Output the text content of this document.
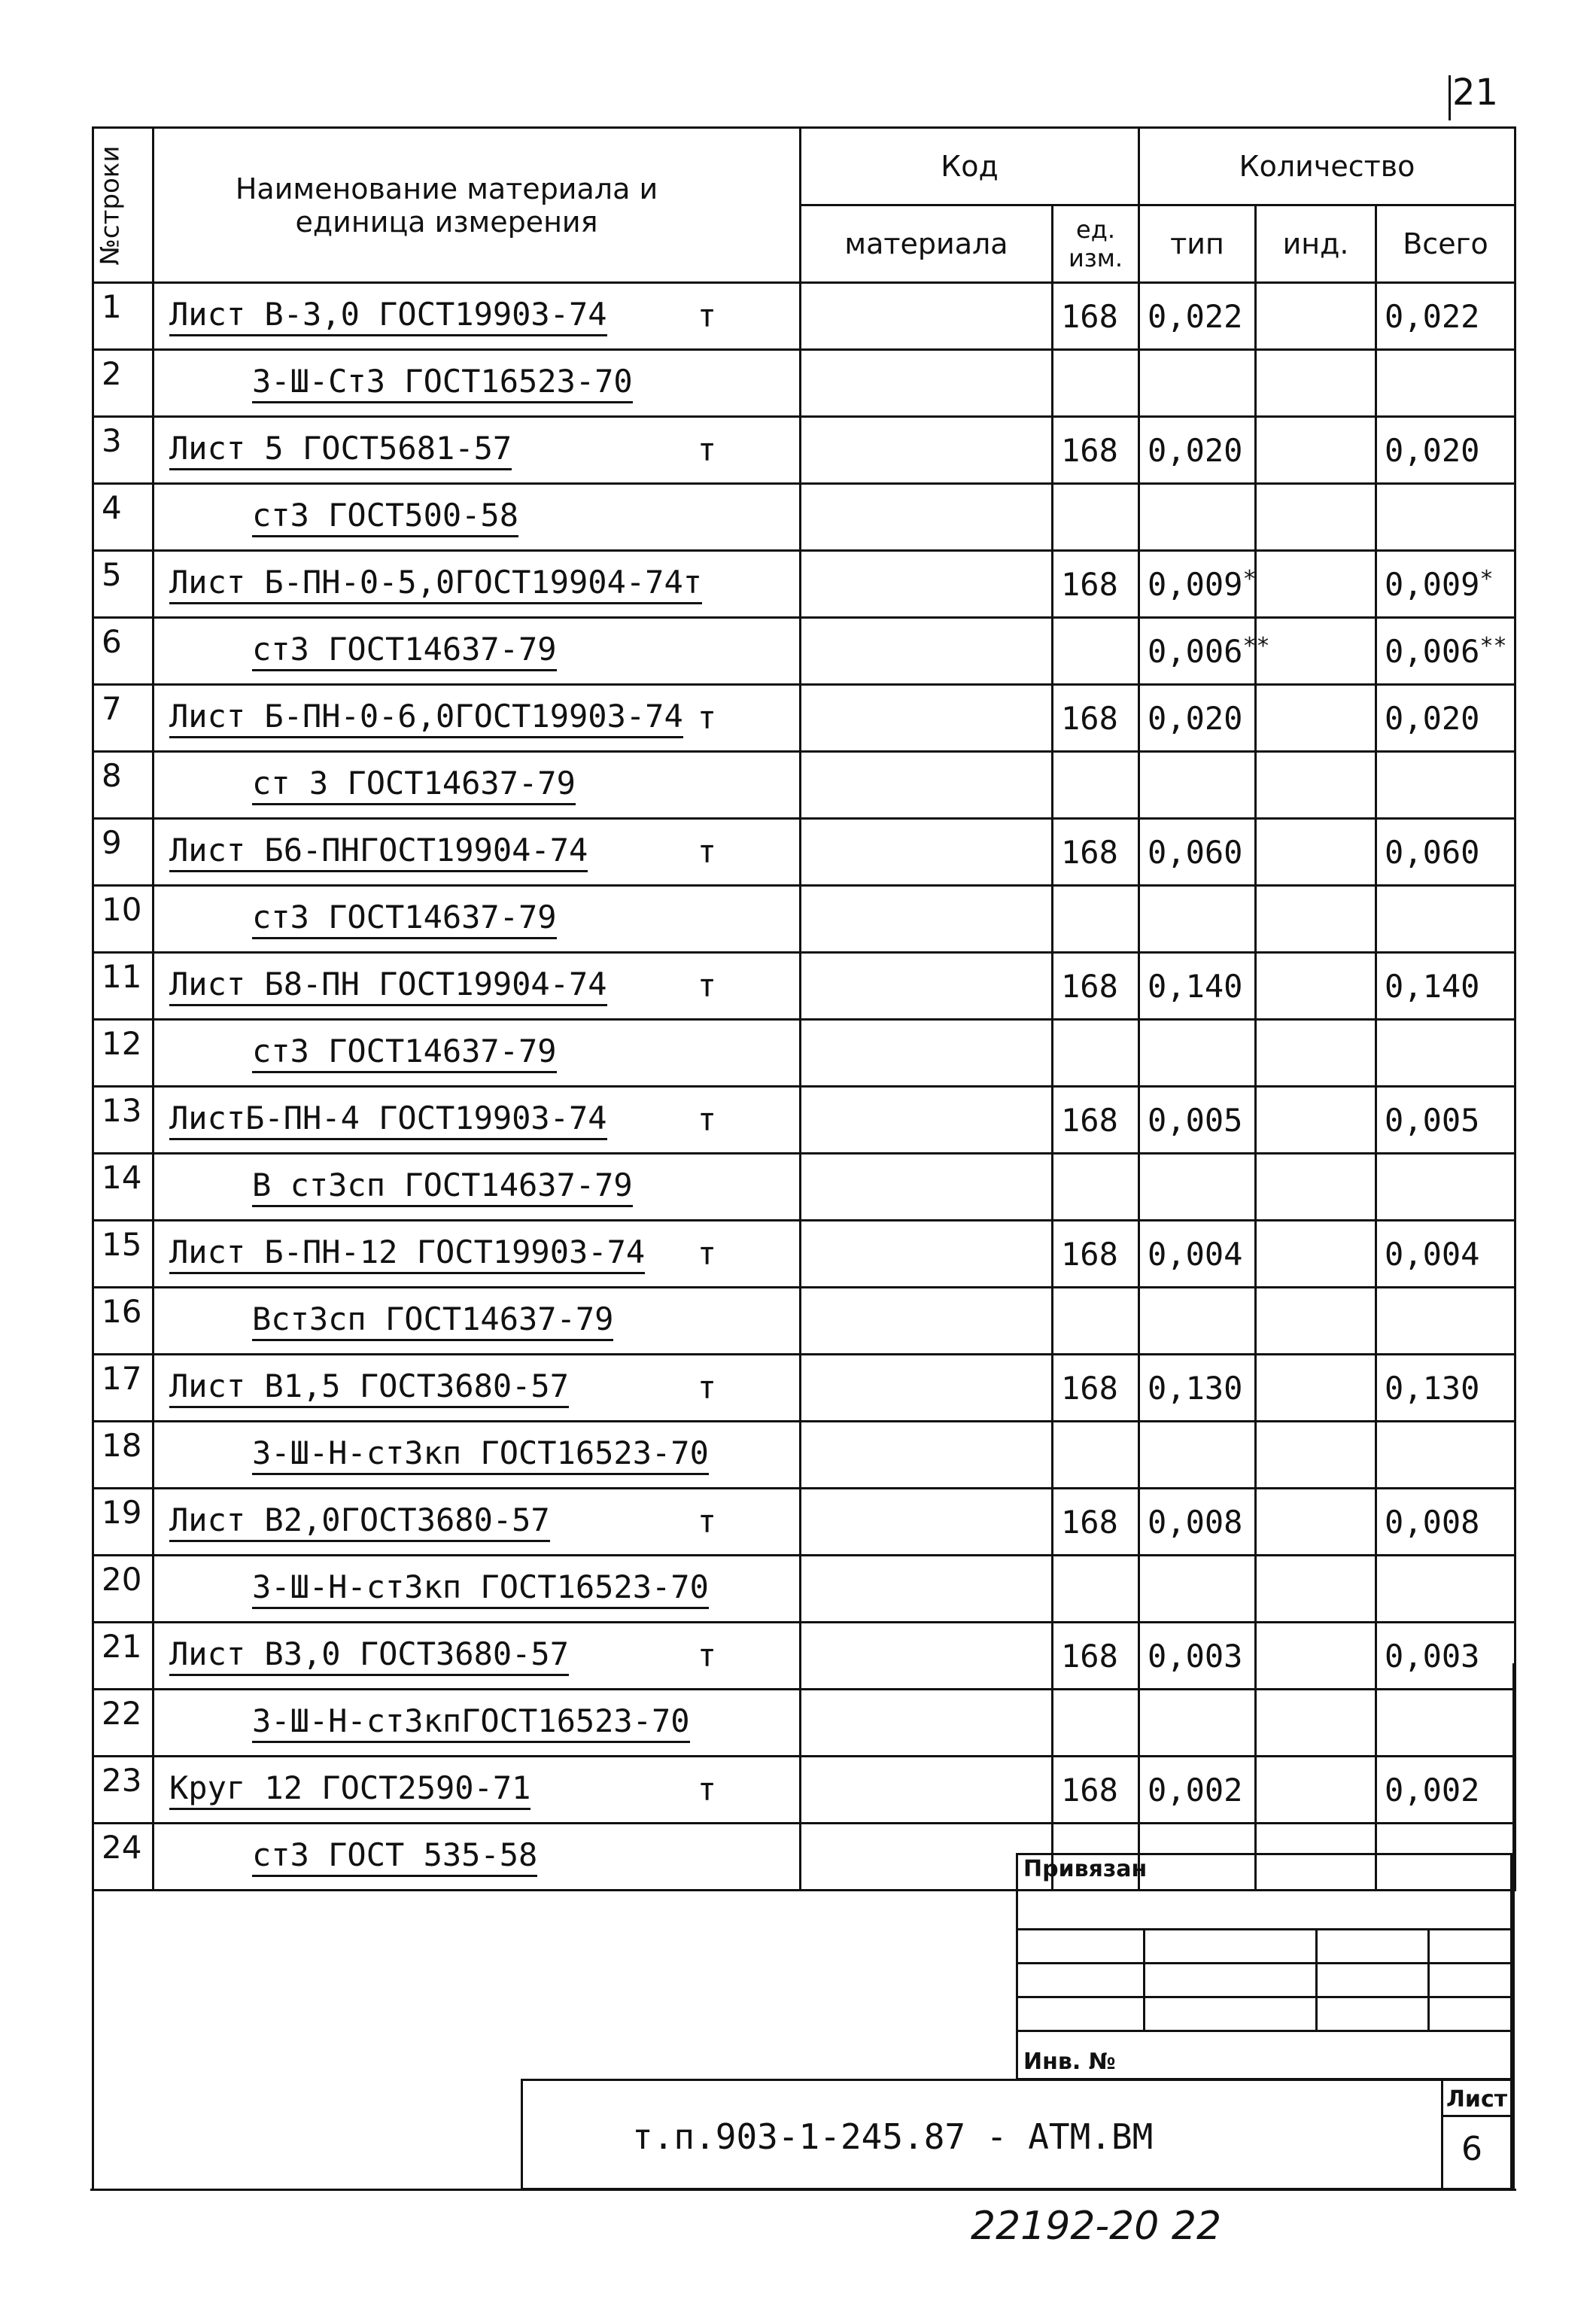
21
№строки	Наименование материала и единица измерения	Код		Количество		
		материала	ед. изм.	тип	инд.	Всего
1	Лист В-3,0 ГОСТ19903-74 т		168	0,022		0,022
2	3-Ш-Ст3 ГОСТ16523-70

3	Лист 5 ГОСТ5681-57 т		168	0,020		0,020
4	ст3 ГОСТ500-58

5	Лист Б-ПН-0-5,0ГОСТ19904-74т		168	0,009*		0,009*
6	ст3 ГОСТ14637-79			0,006**		0,006**
7	Лист Б-ПН-0-6,0ГОСТ19903-74 т		168	0,020		0,020
8	ст 3 ГОСТ14637-79

9	Лист Б6-ПНГОСТ19904-74 т		168	0,060		0,060
10	ст3 ГОСТ14637-79

11	Лист Б8-ПН ГОСТ19904-74 т		168	0,140		0,140
12	ст3 ГОСТ14637-79

13	ЛистБ-ПН-4 ГОСТ19903-74 т		168	0,005		0,005
14	В ст3сп ГОСТ14637-79

15	Лист Б-ПН-12 ГОСТ19903-74 т		168	0,004		0,004
16	Вст3сп ГОСТ14637-79

17	Лист В1,5 ГОСТ3680-57 т		168	0,130		0,130
18	3-Ш-Н-ст3кп ГОСТ16523-70

19	Лист В2,0ГОСТ3680-57 т		168	0,008		0,008
20	3-Ш-Н-ст3кп ГОСТ16523-70

21	Лист В3,0 ГОСТ3680-57 т		168	0,003		0,003
22	3-Ш-Н-ст3кпГОСТ16523-70

23	Круг 12 ГОСТ2590-71 т		168	0,002		0,002
24	ст3 ГОСТ 535-58
						Привязан

Инв. №
т.п.903-1-245.87 - АТМ.ВМ
Лист
6
22192-20 22
